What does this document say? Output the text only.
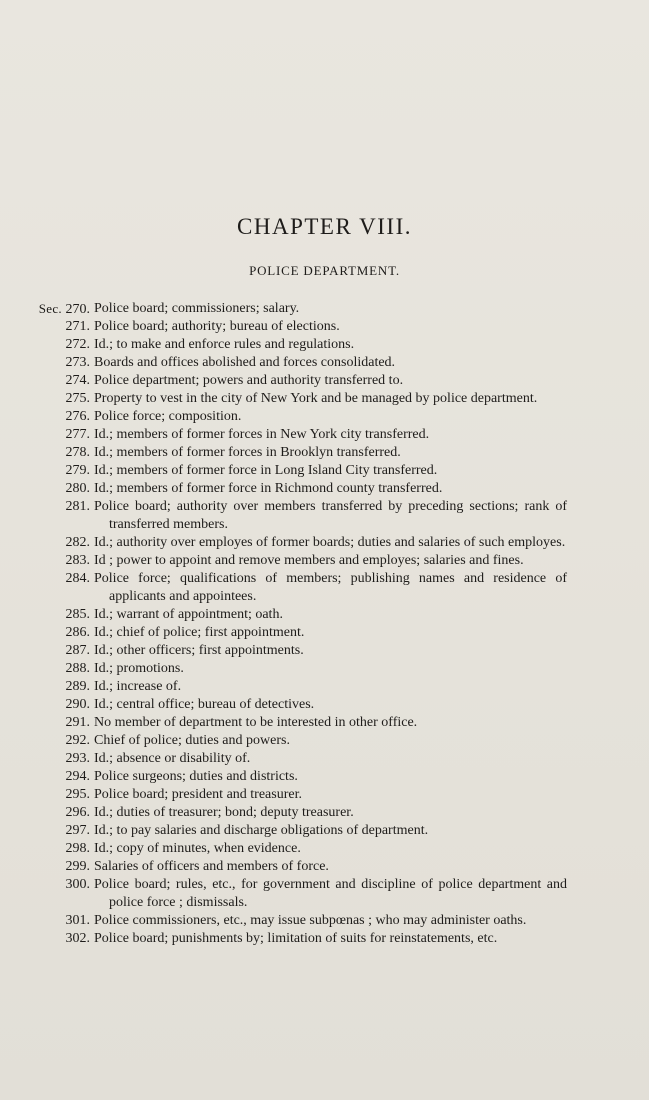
CHAPTER VIII.
POLICE DEPARTMENT.
Sec. 270. Police board; commissioners; salary.
271. Police board; authority; bureau of elections.
272. Id.; to make and enforce rules and regulations.
273. Boards and offices abolished and forces consolidated.
274. Police department; powers and authority transferred to.
275. Property to vest in the city of New York and be managed by police department.
276. Police force; composition.
277. Id.; members of former forces in New York city transferred.
278. Id.; members of former forces in Brooklyn transferred.
279. Id.; members of former force in Long Island City transferred.
280. Id.; members of former force in Richmond county transferred.
281. Police board; authority over members transferred by preceding sections; rank of transferred members.
282. Id.; authority over employes of former boards; duties and salaries of such employes.
283. Id ; power to appoint and remove members and employes; salaries and fines.
284. Police force; qualifications of members; publishing names and residence of applicants and appointees.
285. Id.; warrant of appointment; oath.
286. Id.; chief of police; first appointment.
287. Id.; other officers; first appointments.
288. Id.; promotions.
289. Id.; increase of.
290. Id.; central office; bureau of detectives.
291. No member of department to be interested in other office.
292. Chief of police; duties and powers.
293. Id.; absence or disability of.
294. Police surgeons; duties and districts.
295. Police board; president and treasurer.
296. Id.; duties of treasurer; bond; deputy treasurer.
297. Id.; to pay salaries and discharge obligations of department.
298. Id.; copy of minutes, when evidence.
299. Salaries of officers and members of force.
300. Police board; rules, etc., for government and discipline of police department and police force ; dismissals.
301. Police commissioners, etc., may issue subpœnas ; who may administer oaths.
302. Police board; punishments by; limitation of suits for reinstatements, etc.
